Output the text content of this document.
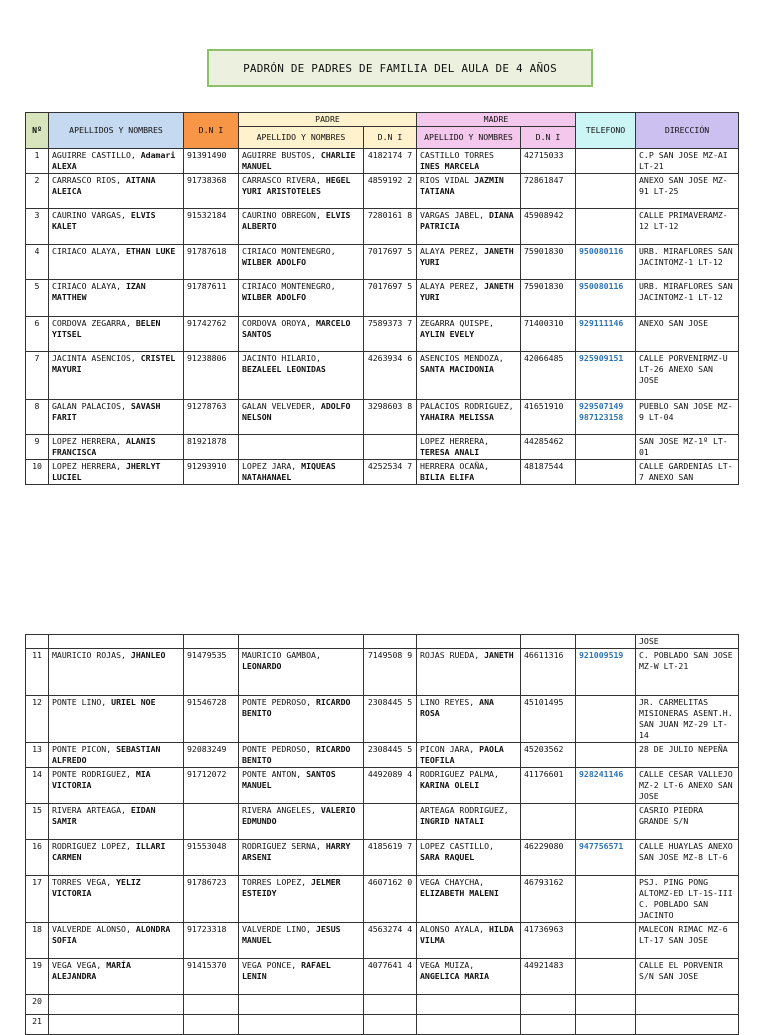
PADRÓN DE PADRES DE FAMILIA DEL AULA DE 4 AÑOS
Nº	APELLIDOS Y NOMBRES	D.N I	PADRE		MADRE		TELEFONO	DIRECCIÓN
			APELLIDO Y NOMBRES	D.N I	APELLIDO Y NOMBRES	D.N I		
1	AGUIRRE CASTILLO, Adamari ALEXA	91391490	AGUIRRE BUSTOS, CHARLIE MANUEL	4182174 7	CASTILLO TORRES INES MARCELA	42715033		C.P SAN JOSE MZ-AI LT-21
2	CARRASCO RIOS, AITANA ALEICA	91738368	CARRASCO RIVERA, HEGEL YURI ARISTOTELES	4859192 2	RIOS VIDAL JAZMIN TATIANA	72861847		ANEXO SAN JOSE MZ-91 LT-25
3	CAURINO VARGAS, ELVIS KALET	91532184	CAURINO OBREGON, ELVIS ALBERTO	7280161 8	VARGAS JABEL, DIANA PATRICIA	45908942		CALLE PRIMAVERAMZ-12 LT-12
4	CIRIACO ALAYA, ETHAN LUKE	91787618	CIRIACO MONTENEGRO, WILBER ADOLFO	7017697 5	ALAYA PEREZ, JANETH YURI	75901830	950080116	URB. MIRAFLORES SAN JACINTOMZ-1 LT-12
5	CIRIACO ALAYA, IZAN MATTHEW	91787611	CIRIACO MONTENEGRO, WILBER ADOLFO	7017697 5	ALAYA PEREZ, JANETH YURI	75901830	950080116	URB. MIRAFLORES SAN JACINTOMZ-1 LT-12
6	CORDOVA ZEGARRA, BELEN YITSEL	91742762	CORDOVA OROYA, MARCELO SANTOS	7589373 7	ZEGARRA QUISPE, AYLIN EVELY	71400310	929111146	ANEXO SAN JOSE
7	JACINTA ASENCIOS, CRISTEL MAYURI	91238806	JACINTO HILARIO, BEZALEEL LEONIDAS	4263934 6	ASENCIOS MENDOZA, SANTA MACIDONIA	42066485	925909151	CALLE PORVENIRMZ-U LT-26 ANEXO SAN JOSE
8	GALAN PALACIOS, SAVASH FARIT	91278763	GALAN VELVEDER, ADOLFO NELSON	3298603 8	PALACIOS RODRIGUEZ, YAHAIRA MELISSA	41651910	929507149 987123158	PUEBLO SAN JOSE MZ-9 LT-04
9	LOPEZ HERRERA, ALANIS FRANCISCA	81921878			LOPEZ HERRERA, TERESA ANALI	44285462		SAN JOSE MZ-1º LT-01
10	LOPEZ HERRERA, JHERLYT LUCIEL	91293910	LOPEZ JARA, MIQUEAS NATAHANAEL	4252534 7	HERRERA OCAÑA, BILIA ELIFA	48187544		CALLE GARDENIAS LT-7 ANEXO SAN
								JOSE
11	MAURICIO ROJAS, JHANLEO	91479535	MAURICIO GAMBOA, LEONARDO	7149508 9	ROJAS RUEDA, JANETH	46611316	921009519	C. POBLADO SAN JOSE MZ-W LT-21
12	PONTE LINO, URIEL NOE	91546728	PONTE PEDROSO, RICARDO BENITO	2308445 5	LINO REYES, ANA ROSA	45101495		JR. CARMELITAS MISIONERAS ASENT.H. SAN JUAN MZ-29 LT-14
13	PONTE PICON, SEBASTIAN ALFREDO	92083249	PONTE PEDROSO, RICARDO BENITO	2308445 5	PICON JARA, PAOLA TEOFILA	45203562		28 DE JULIO NEPEÑA
14	PONTE RODRIGUEZ, MIA VICTORIA	91712072	PONTE ANTON, SANTOS MANUEL	4492089 4	RODRIGUEZ PALMA, KARINA OLELI	41176601	928241146	CALLE CESAR VALLEJO MZ-2 LT-6 ANEXO SAN JOSE
15	RIVERA ARTEAGA, EIDAN SAMIR		RIVERA ANGELES, VALERIO EDMUNDO		ARTEAGA RODRIGUEZ, INGRID NATALI			CASRIO PIEDRA GRANDE S/N
16	RODRIGUEZ LOPEZ, ILLARI CARMEN	91553048	RODRIGUEZ SERNA, HARRY ARSENI	4185619 7	LOPEZ CASTILLO, SARA RAQUEL	46229080	947756571	CALLE HUAYLAS ANEXO SAN JOSE MZ-8 LT-6
17	TORRES VEGA, YELIZ VICTORIA	91786723	TORRES LOPEZ, JELMER ESTEIDY	4607162 0	VEGA CHAYCHA, ELIZABETH MALENI	46793162		PSJ. PING PONG ALTOMZ-ED LT-1S-III C. POBLADO SAN JACINTO
18	VALVERDE ALONSO, ALONDRA SOFIA	91723318	VALVERDE LINO, JESUS MANUEL	4563274 4	ALONSO AYALA, HILDA VILMA	41736963		MALECON RIMAC MZ-6 LT-17 SAN JOSE
19	VEGA VEGA, MARÍA ALEJANDRA	91415370	VEGA PONCE, RAFAEL LENIN	4077641 4	VEGA MUIZA, ANGELICA MARIA	44921483		CALLE EL PORVENIR S/N SAN JOSE
20								
21								
